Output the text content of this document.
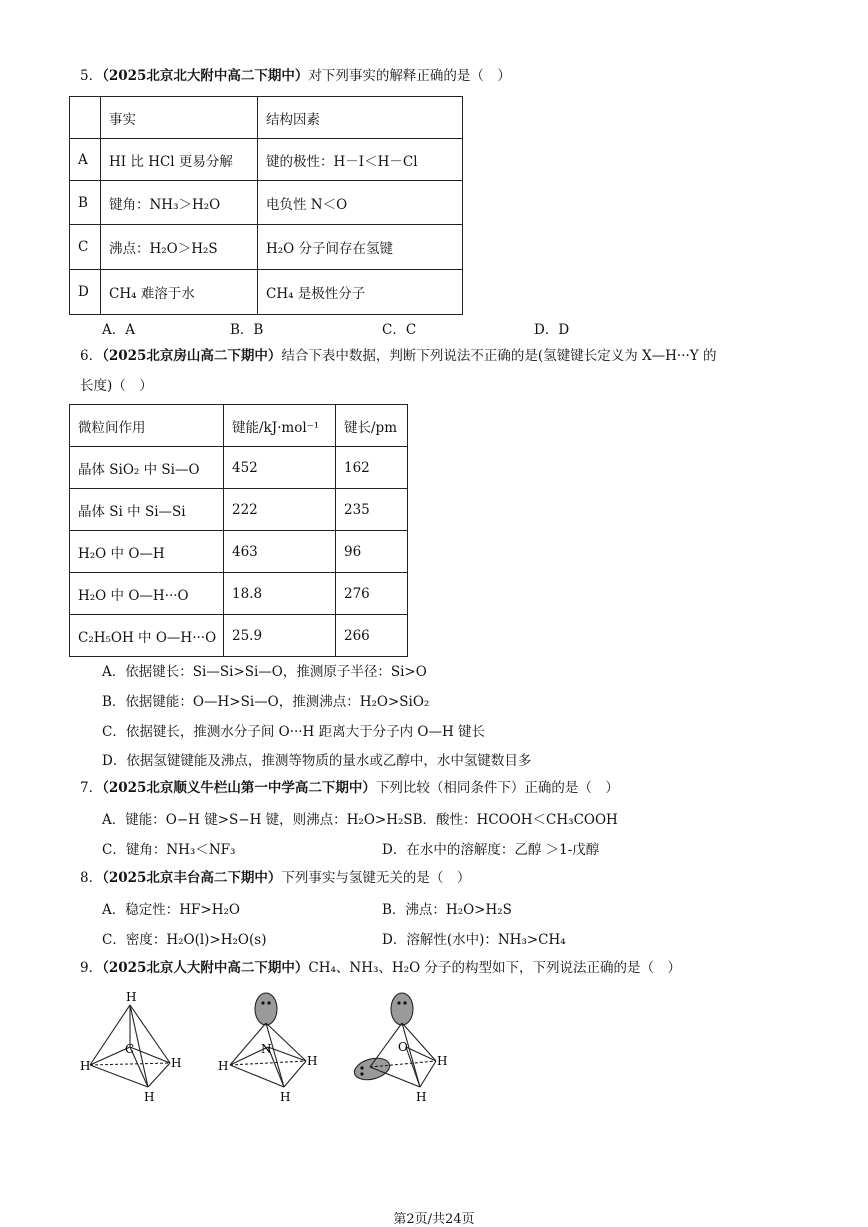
5．（2025北京北大附中高二下期中）对下列事实的解释正确的是（　）
	事实	结构因素
A	HI 比 HCl 更易分解	键的极性：H－I＜H－Cl
B	键角：NH₃＞H₂O	电负性 N＜O
C	沸点：H₂O＞H₂S	H₂O 分子间存在氢键
D	CH₄ 难溶于水	CH₄ 是极性分子
A．A	B．B	C．C	D．D
6．（2025北京房山高二下期中）结合下表中数据，判断下列说法不正确的是(氢键键长定义为 X—H···Y 的
长度)（　）
微粒间作用	键能/kJ·mol⁻¹	键长/pm
晶体 SiO₂ 中 Si—O	452	162
晶体 Si 中 Si—Si	222	235
H₂O 中 O—H	463	96
H₂O 中 O—H···O	18.8	276
C₂H₅OH 中 O—H···O	25.9	266
A．依据键长：Si—Si>Si—O，推测原子半径：Si>O
B．依据键能：O—H>Si—O，推测沸点：H₂O>SiO₂
C．依据键长，推测水分子间 O···H 距离大于分子内 O—H 键长
D．依据氢键键能及沸点，推测等物质的量水或乙醇中，水中氢键数目多
7．（2025北京顺义牛栏山第一中学高二下期中）下列比较（相同条件下）正确的是（　）
A．键能：O−H 键>S−H 键，则沸点：H₂O>H₂SB．酸性：HCOOH＜CH₃COOH
C．键角：NH₃＜NF₃	D．在水中的溶解度：乙醇 ＞1-戊醇
8．（2025北京丰台高二下期中）下列事实与氢键无关的是（　）
A．稳定性：HF>H₂O	B．沸点：H₂O>H₂S
C．密度：H₂O(l)>H₂O(s)	D．溶解性(水中)：NH₃>CH₄
9．（2025北京人大附中高二下期中）CH₄、NH₃、H₂O 分子的构型如下，下列说法正确的是（　）
H
C
H	H
H
N
H	H
H
O
H
H
第2页/共24页
